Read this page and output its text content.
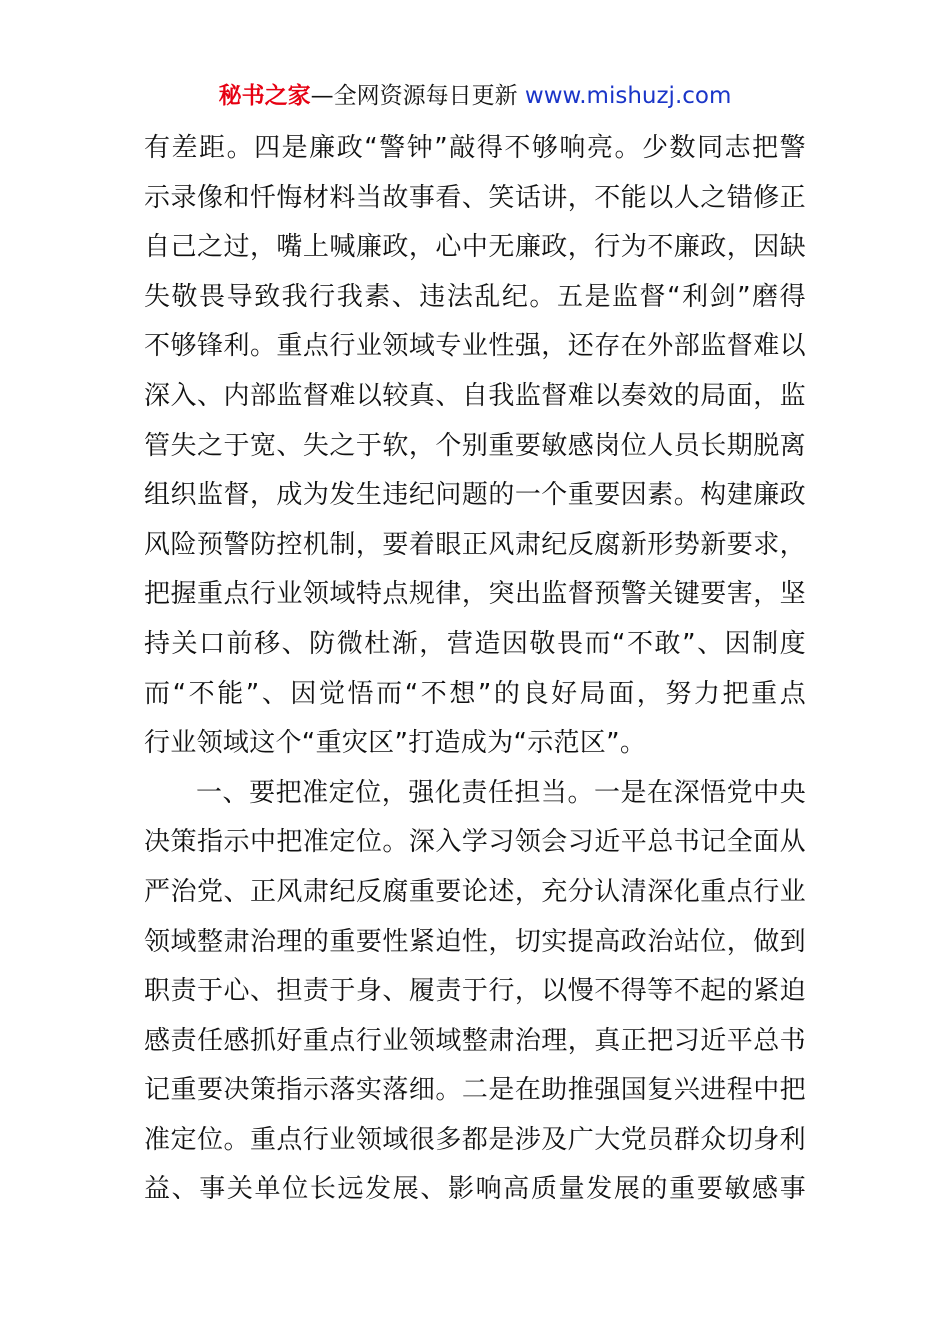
秘书之家—全网资源每日更新 www.mishuzj.com
有差距。四是廉政“警钟”敲得不够响亮。少数同志把警
示录像和忏悔材料当故事看、笑话讲，不能以人之错修正
自己之过，嘴上喊廉政，心中无廉政，行为不廉政，因缺
失敬畏导致我行我素、违法乱纪。五是监督“利剑”磨得
不够锋利。重点行业领域专业性强，还存在外部监督难以
深入、内部监督难以较真、自我监督难以奏效的局面，监
管失之于宽、失之于软，个别重要敏感岗位人员长期脱离
组织监督，成为发生违纪问题的一个重要因素。构建廉政
风险预警防控机制，要着眼正风肃纪反腐新形势新要求，
把握重点行业领域特点规律，突出监督预警关键要害，坚
持关口前移、防微杜渐，营造因敬畏而“不敢”、因制度
而“不能”、因觉悟而“不想”的良好局面，努力把重点
行业领域这个“重灾区”打造成为“示范区”。
一、要把准定位，强化责任担当。一是在深悟党中央
决策指示中把准定位。深入学习领会习近平总书记全面从
严治党、正风肃纪反腐重要论述，充分认清深化重点行业
领域整肃治理的重要性紧迫性，切实提高政治站位，做到
职责于心、担责于身、履责于行，以慢不得等不起的紧迫
感责任感抓好重点行业领域整肃治理，真正把习近平总书
记重要决策指示落实落细。二是在助推强国复兴进程中把
准定位。重点行业领域很多都是涉及广大党员群众切身利
益、事关单位长远发展、影响高质量发展的重要敏感事
